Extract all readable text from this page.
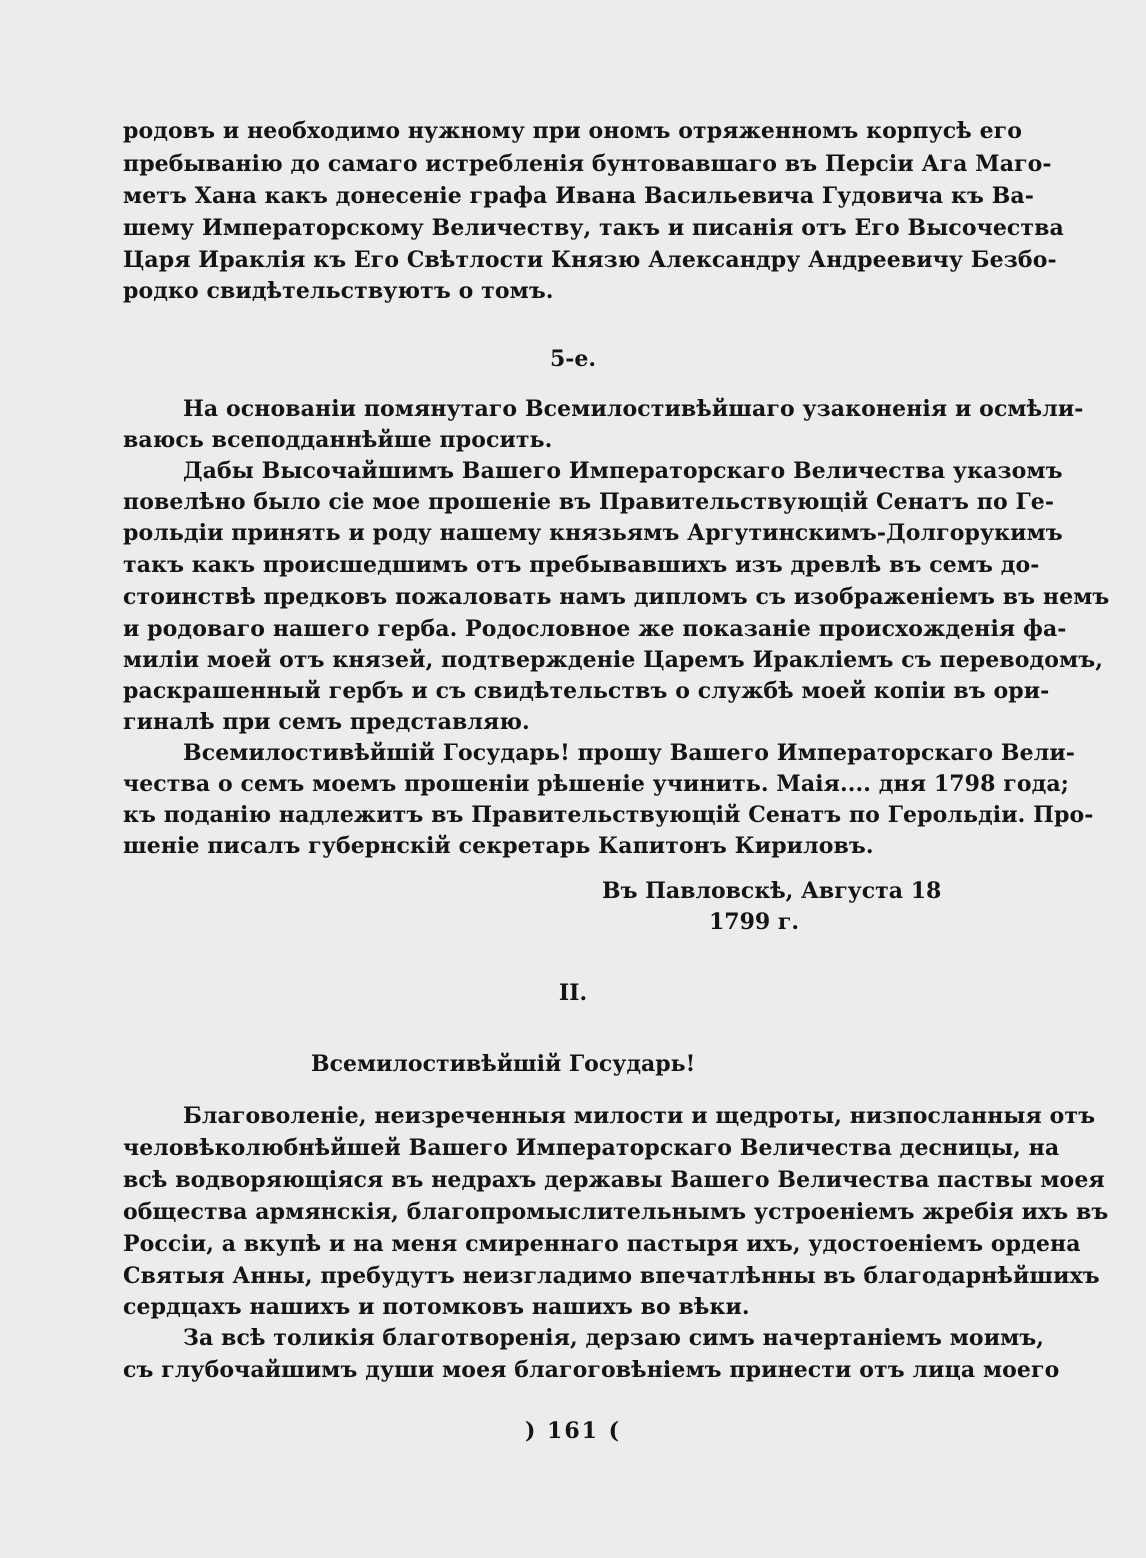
родовъ и необходимо нужному при ономъ отряженномъ корпусѣ его
пребыванію до самаго истребленія бунтовавшаго въ Персіи Ага Маго-
метъ Хана какъ донесеніе графа Ивана Васильевича Гудовича къ Ва-
шему Императорскому Величеству, такъ и писанія отъ Его Высочества
Царя Ираклія къ Его Свѣтлости Князю Александру Андреевичу Безбо-
родко свидѣтельствуютъ о томъ.
5-е.
На основаніи помянутаго Всемилостивѣйшаго узаконенія и осмѣли-
ваюсь всеподданнѣйше просить.
Дабы Высочайшимъ Вашего Императорскаго Величества указомъ
повелѣно было сіе мое прошеніе въ Правительствующій Сенатъ по Ге-
рольдіи принять и роду нашему князьямъ Аргутинскимъ-Долгорукимъ
такъ какъ происшедшимъ отъ пребывавшихъ изъ древлѣ въ семъ до-
стоинствѣ предковъ пожаловать намъ дипломъ съ изображеніемъ въ немъ
и родоваго нашего герба. Родословное же показаніе происхожденія фа-
миліи моей отъ князей, подтвержденіе Царемъ Иракліемъ съ переводомъ,
раскрашенный гербъ и съ свидѣтельствъ о службѣ моей копіи въ ори-
гиналѣ при семъ представляю.
Всемилостивѣйшій Государь! прошу Вашего Императорскаго Вели-
чества о семъ моемъ прошеніи рѣшеніе учинить. Маія.... дня 1798 года;
къ поданію надлежитъ въ Правительствующій Сенатъ по Герольдіи. Про-
шеніе писалъ губернскій секретарь Капитонъ Кириловъ.
Въ Павловскѣ, Августа 18
1799 г.
II.
Всемилостивѣйшій Государь!
Благоволеніе, неизреченныя милости и щедроты, низпосланныя отъ
человѣколюбнѣйшей Вашего Императорскаго Величества десницы, на
всѣ водворяющіяся въ недрахъ державы Вашего Величества паствы моея
общества армянскія, благопромыслительнымъ устроеніемъ жребія ихъ въ
Россіи, а вкупѣ и на меня смиреннаго пастыря ихъ, удостоеніемъ ордена
Святыя Анны, пребудутъ неизгладимо впечатлѣнны въ благодарнѣйшихъ
сердцахъ нашихъ и потомковъ нашихъ во вѣки.
За всѣ толикія благотворенія, дерзаю симъ начертаніемъ моимъ,
съ глубочайшимъ души моея благоговѣніемъ принести отъ лица моего
) 161 (
